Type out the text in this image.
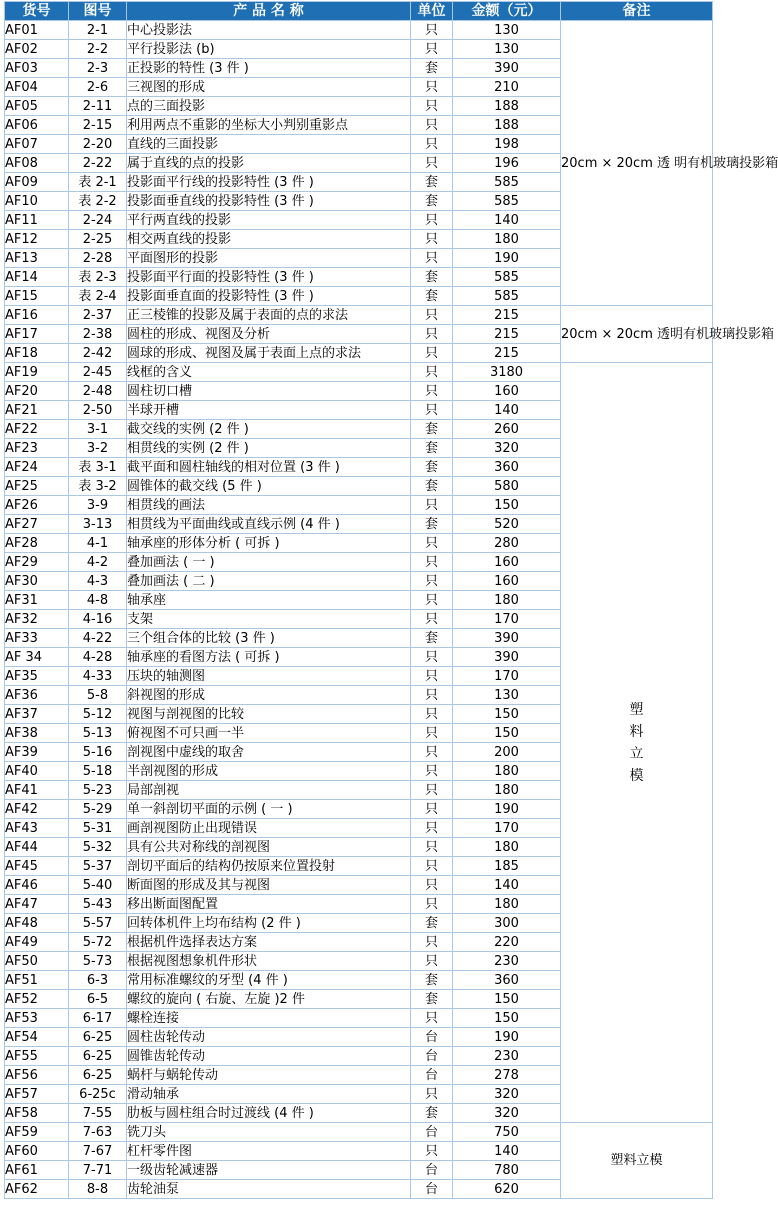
货号	图号	产 品 名 称	单位	金额（元）	备注
AF01	2-1	中心投影法	只	130	20cm × 20cm 透 明有机玻璃投影箱
AF02	2-2	平行投影法 (b)	只	130	
AF03	2-3	正投影的特性 (3 件 )	套	390	
AF04	2-6	三视图的形成	只	210	
AF05	2-11	点的三面投影	只	188	
AF06	2-15	利用两点不重影的坐标大小判别重影点	只	188	
AF07	2-20	直线的三面投影	只	198	
AF08	2-22	属于直线的点的投影	只	196	
AF09	表 2-1	投影面平行线的投影特性 (3 件 )	套	585	
AF10	表 2-2	投影面垂直线的投影特性 (3 件 )	套	585	
AF11	2-24	平行两直线的投影	只	140	
AF12	2-25	相交两直线的投影	只	180	
AF13	2-28	平面图形的投影	只	190	
AF14	表 2-3	投影面平行面的投影特性 (3 件 )	套	585	
AF15	表 2-4	投影面垂直面的投影特性 (3 件 )	套	585	
AF16	2-37	正三棱锥的投影及属于表面的点的求法	只	215	20cm × 20cm 透明有机玻璃投影箱
AF17	2-38	圆柱的形成、视图及分析	只	215	
AF18	2-42	圆球的形成、视图及属于表面上点的求法	只	215	
AF19	2-45	线框的含义	只	3180	塑料立模
AF20	2-48	圆柱切口槽	只	160	
AF21	2-50	半球开槽	只	140	
AF22	3-1	截交线的实例 (2 件 )	套	260	
AF23	3-2	相贯线的实例 (2 件 )	套	320	
AF24	表 3-1	截平面和圆柱轴线的相对位置 (3 件 )	套	360	
AF25	表 3-2	圆锥体的截交线 (5 件 )	套	580	
AF26	3-9	相贯线的画法	只	150	
AF27	3-13	相贯线为平面曲线或直线示例 (4 件 )	套	520	
AF28	4-1	轴承座的形体分析 ( 可拆 )	只	280	
AF29	4-2	叠加画法 ( 一 )	只	160	
AF30	4-3	叠加画法 ( 二 )	只	160	
AF31	4-8	轴承座	只	180	
AF32	4-16	支架	只	170	
AF33	4-22	三个组合体的比较 (3 件 )	套	390	
AF 34	4-28	轴承座的看图方法 ( 可拆 )	只	390	
AF35	4-33	压块的轴测图	只	170	
AF36	5-8	斜视图的形成	只	130	
AF37	5-12	视图与剖视图的比较	只	150	
AF38	5-13	俯视图不可只画一半	只	150	
AF39	5-16	剖视图中虚线的取舍	只	200	
AF40	5-18	半剖视图的形成	只	180	
AF41	5-23	局部剖视	只	180	
AF42	5-29	单一斜剖切平面的示例 ( 一 )	只	190	
AF43	5-31	画剖视图防止出现错误	只	170	
AF44	5-32	具有公共对称线的剖视图	只	180	
AF45	5-37	剖切平面后的结构仍按原来位置投射	只	185	
AF46	5-40	断面图的形成及其与视图	只	140	
AF47	5-43	移出断面图配置	只	180	
AF48	5-57	回转体机件上均布结构 (2 件 )	套	300	
AF49	5-72	根据机件选择表达方案	只	220	
AF50	5-73	根据视图想象机件形状	只	230	
AF51	6-3	常用标准螺纹的牙型 (4 件 )	套	360	
AF52	6-5	螺纹的旋向 ( 右旋、左旋 )2 件	套	150	
AF53	6-17	螺栓连接	只	150	
AF54	6-25	圆柱齿轮传动	台	190	
AF55	6-25	圆锥齿轮传动	台	230	
AF56	6-25	蜗杆与蜗轮传动	台	278	
AF57	6-25c	滑动轴承	只	320	
AF58	7-55	肋板与圆柱组合时过渡线 (4 件 )	套	320	
AF59	7-63	铣刀头	台	750	塑料立模
AF60	7-67	杠杆零件图	只	140	
AF61	7-71	一级齿轮减速器	台	780	
AF62	8-8	齿轮油泵	台	620	
